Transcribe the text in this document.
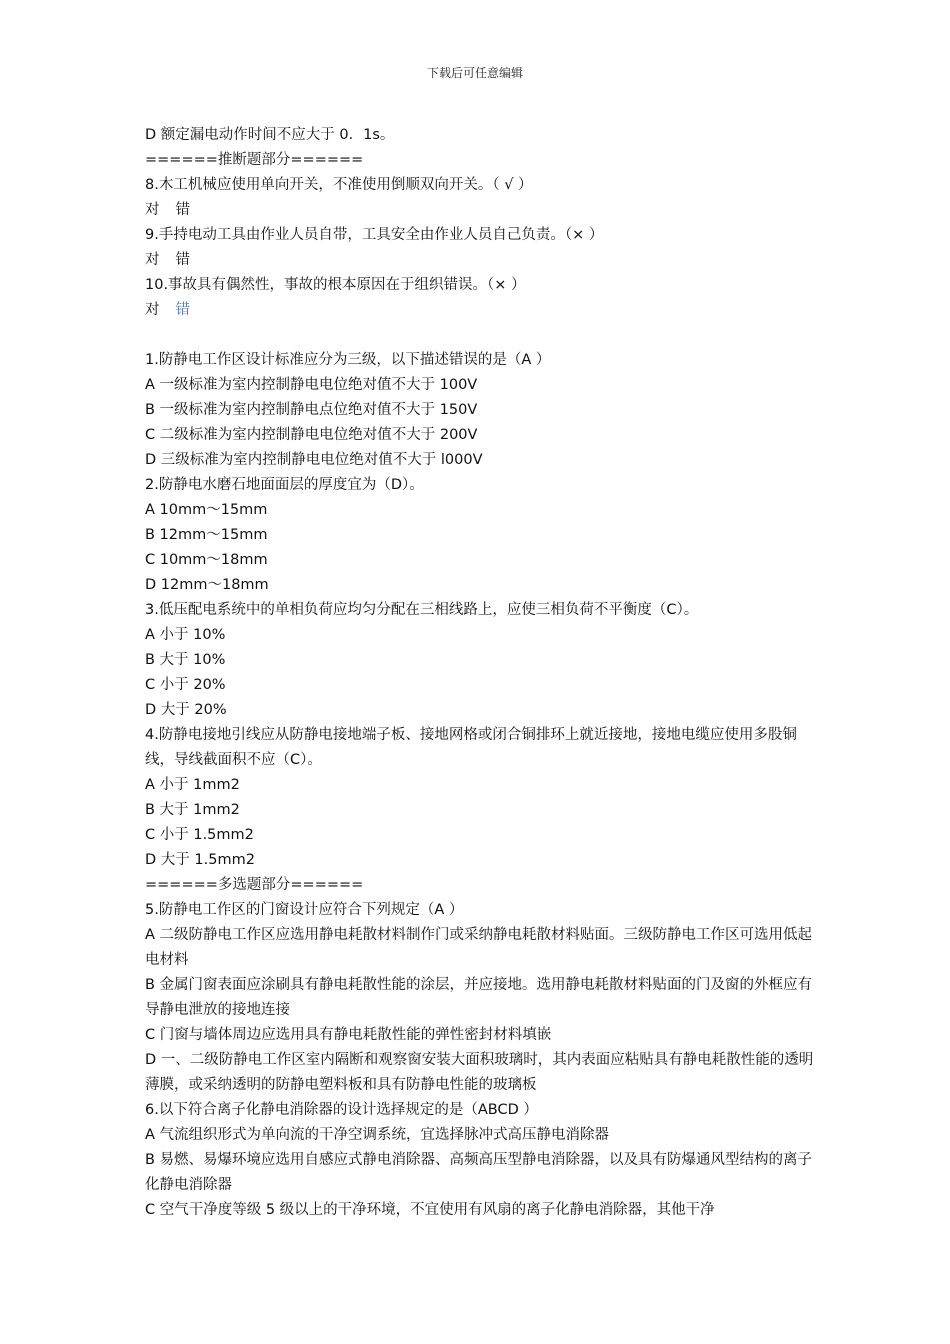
下载后可任意编辑
D 额定漏电动作时间不应大于 0．1s。
======推断题部分======
8.木工机械应使用单向开关，不准使用倒顺双向开关。（ √ ）
对 错
9.手持电动工具由作业人员自带，工具安全由作业人员自己负责。（× ）
对 错
10.事故具有偶然性，事故的根本原因在于组织错误。（× ）
对 错
1.防静电工作区设计标准应分为三级，以下描述错误的是（A ）
A 一级标准为室内控制静电电位绝对值不大于 100V
B 一级标准为室内控制静电点位绝对值不大于 150V
C 二级标准为室内控制静电电位绝对值不大于 200V
D 三级标准为室内控制静电电位绝对值不大于 l000V
2.防静电水磨石地面面层的厚度宜为（D）。
A 10mm～15mm
B 12mm～15mm
C 10mm～18mm
D 12mm～18mm
3.低压配电系统中的单相负荷应均匀分配在三相线路上，应使三相负荷不平衡度（C）。
A 小于 10%
B 大于 10%
C 小于 20%
D 大于 20%
4.防静电接地引线应从防静电接地端子板、接地网格或闭合铜排环上就近接地，接地电缆应使用多股铜线，导线截面积不应（C）。
A 小于 1mm2
B 大于 1mm2
C 小于 1.5mm2
D 大于 1.5mm2
======多选题部分======
5.防静电工作区的门窗设计应符合下列规定（A ）
A 二级防静电工作区应选用静电耗散材料制作门或采纳静电耗散材料贴面。三级防静电工作区可选用低起电材料
B 金属门窗表面应涂刷具有静电耗散性能的涂层，并应接地。选用静电耗散材料贴面的门及窗的外框应有导静电泄放的接地连接
C 门窗与墙体周边应选用具有静电耗散性能的弹性密封材料填嵌
D 一、二级防静电工作区室内隔断和观察窗安装大面积玻璃时，其内表面应粘贴具有静电耗散性能的透明薄膜，或采纳透明的防静电塑料板和具有防静电性能的玻璃板
6.以下符合离子化静电消除器的设计选择规定的是（ABCD ）
A 气流组织形式为单向流的干净空调系统，宜选择脉冲式高压静电消除器
B 易燃、易爆环境应选用自感应式静电消除器、高频高压型静电消除器，以及具有防爆通风型结构的离子化静电消除器
C 空气干净度等级 5 级以上的干净环境，不宜使用有风扇的离子化静电消除器，其他干净
